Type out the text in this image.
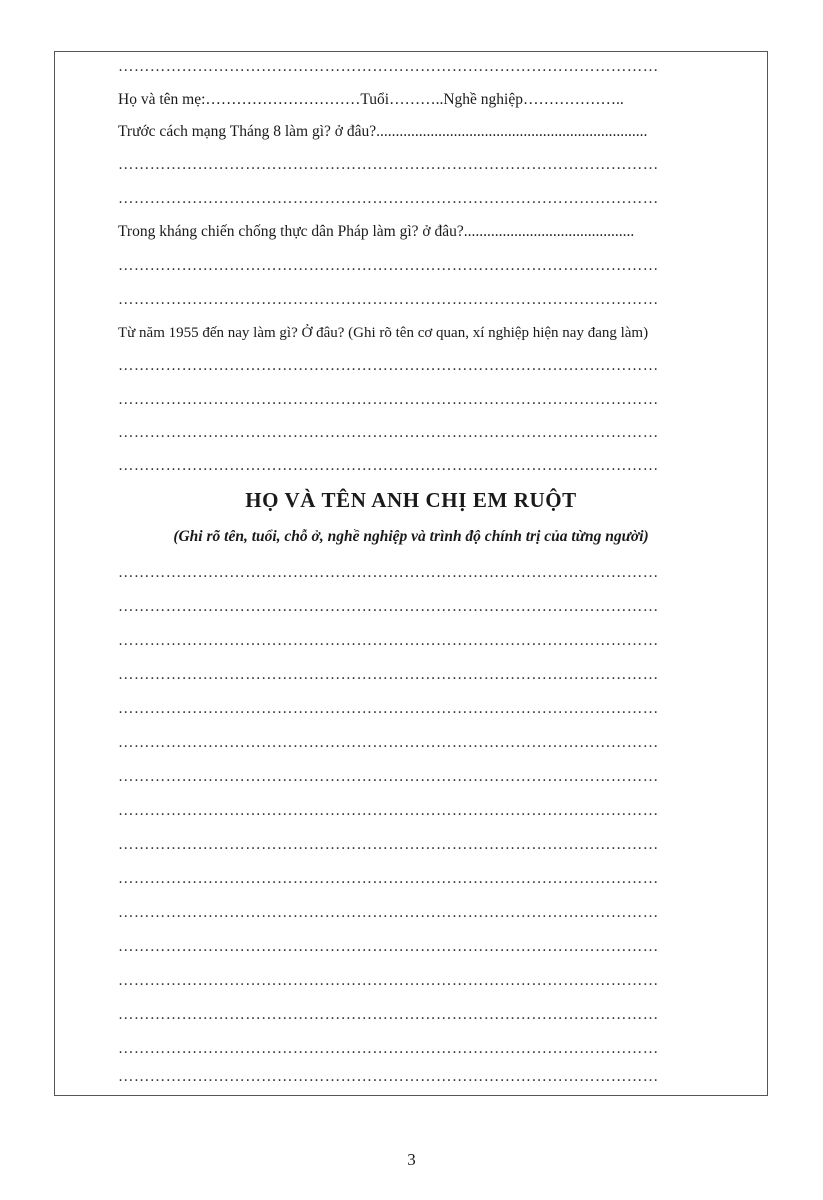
…………………………………………………………………………………………
Họ và tên mẹ:…………………………Tuổi………..Nghề nghiệp………………..
Trước cách mạng Tháng 8 làm gì? ở đâu?......................................................................
…………………………………………………………………………………………
…………………………………………………………………………………………
Trong kháng chiến chống thực dân Pháp làm gì? ở đâu?............................................
…………………………………………………………………………………………
…………………………………………………………………………………………
Từ năm 1955 đến nay làm gì? Ở đâu? (Ghi rõ tên cơ quan, xí nghiệp hiện nay đang làm)
…………………………………………………………………………………………
…………………………………………………………………………………………
…………………………………………………………………………………………
…………………………………………………………………………………………
HỌ VÀ TÊN ANH CHỊ EM RUỘT
(Ghi rõ tên, tuổi, chỗ ở, nghề nghiệp và trình độ chính trị của từng người)
…………………………………………………………………………………………
…………………………………………………………………………………………
…………………………………………………………………………………………
…………………………………………………………………………………………
…………………………………………………………………………………………
…………………………………………………………………………………………
…………………………………………………………………………………………
…………………………………………………………………………………………
…………………………………………………………………………………………
…………………………………………………………………………………………
…………………………………………………………………………………………
…………………………………………………………………………………………
…………………………………………………………………………………………
…………………………………………………………………………………………
…………………………………………………………………………………………
…………………………………………………………………………………………
3
